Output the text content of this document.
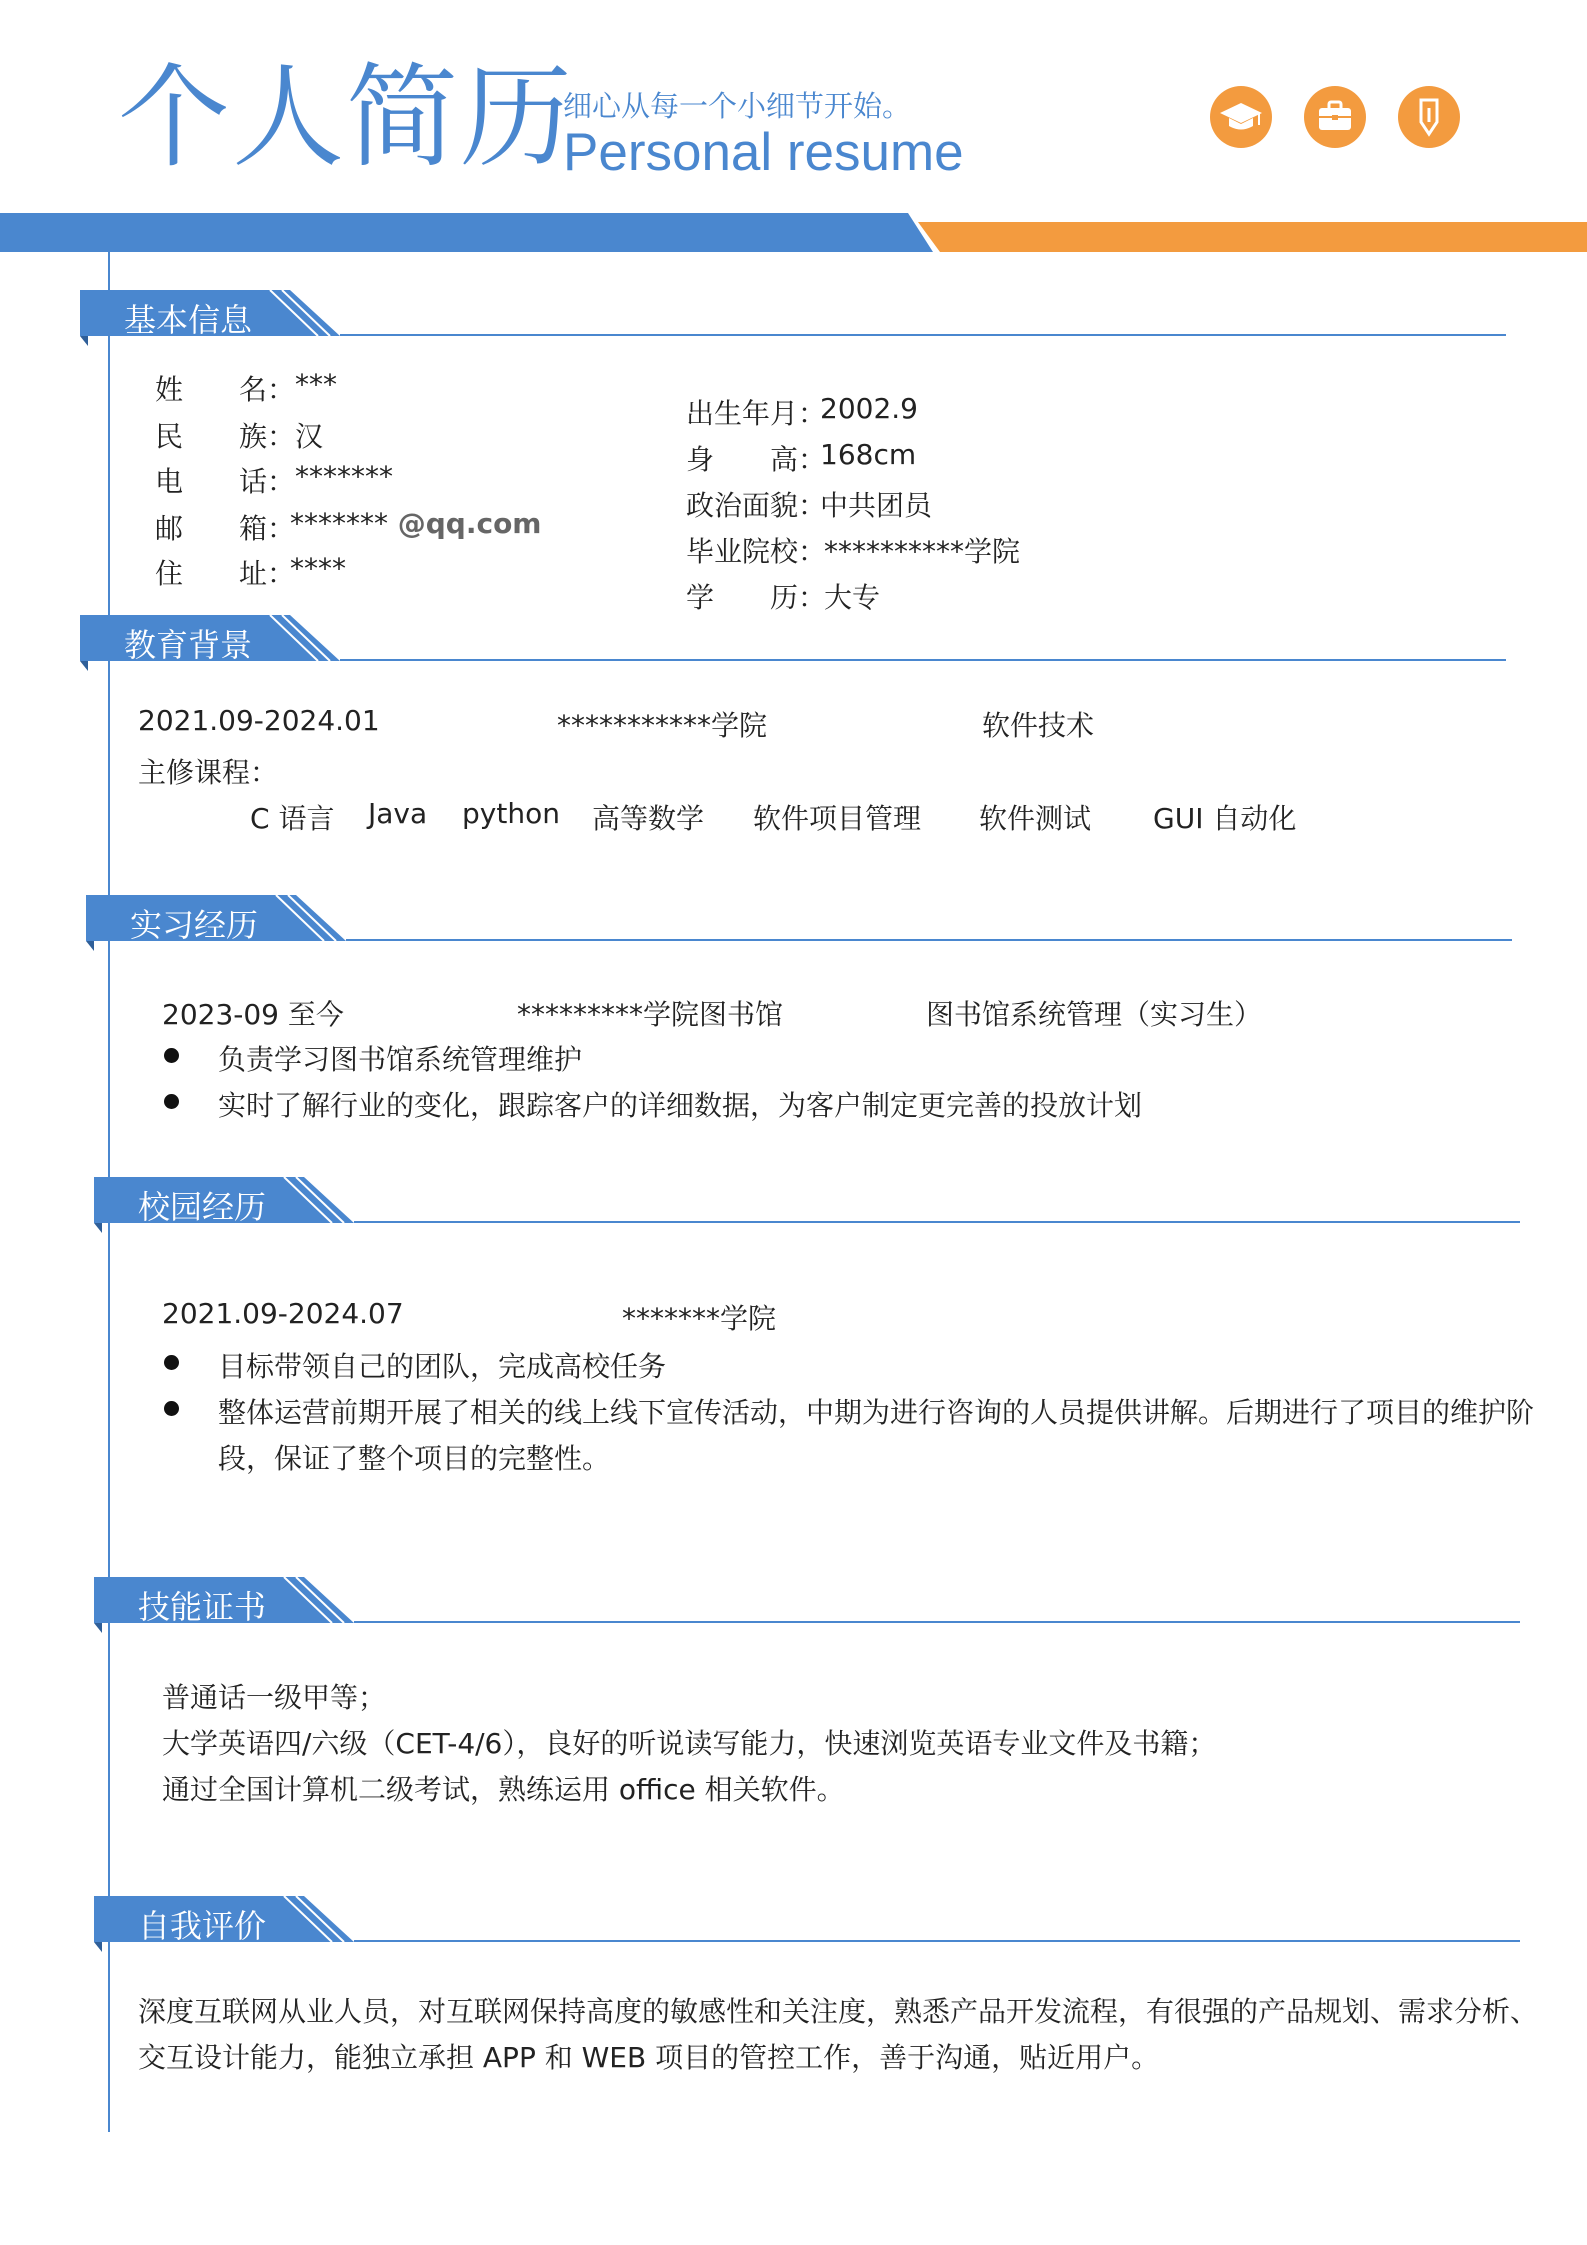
个人简历
细心从每一个小细节开始。
Personal resume
基本信息
姓　　名： ***
民　　族： 汉
电　　话： *******
邮　　箱：
******* @qq.com
住　　址：
****
出生年月：
2002.9
身　　高：
168cm
政治面貌：
中共团员
毕业院校：
**********学院
学　　历：
大专
教育背景
2021.09-2024.01	***********学院	软件技术
主修课程：
C 语言 Java python 高等数学 软件项目管理 软件测试 GUI 自动化
实习经历
2023-09 至今	*********学院图书馆	图书馆系统管理（实习生）
负责学习图书馆系统管理维护
实时了解行业的变化，跟踪客户的详细数据，为客户制定更完善的投放计划
校园经历
2021.09-2024.07	*******学院
目标带领自己的团队，完成高校任务
整体运营前期开展了相关的线上线下宣传活动，中期为进行咨询的人员提供讲解。后期进行了项目的维护阶
段，保证了整个项目的完整性。
技能证书
普通话一级甲等；
大学英语四/六级（CET-4/6），良好的听说读写能力，快速浏览英语专业文件及书籍；
通过全国计算机二级考试，熟练运用 office 相关软件。
自我评价
深度互联网从业人员，对互联网保持高度的敏感性和关注度，熟悉产品开发流程，有很强的产品规划、需求分析、
交互设计能力，能独立承担 APP 和 WEB 项目的管控工作，善于沟通，贴近用户。
